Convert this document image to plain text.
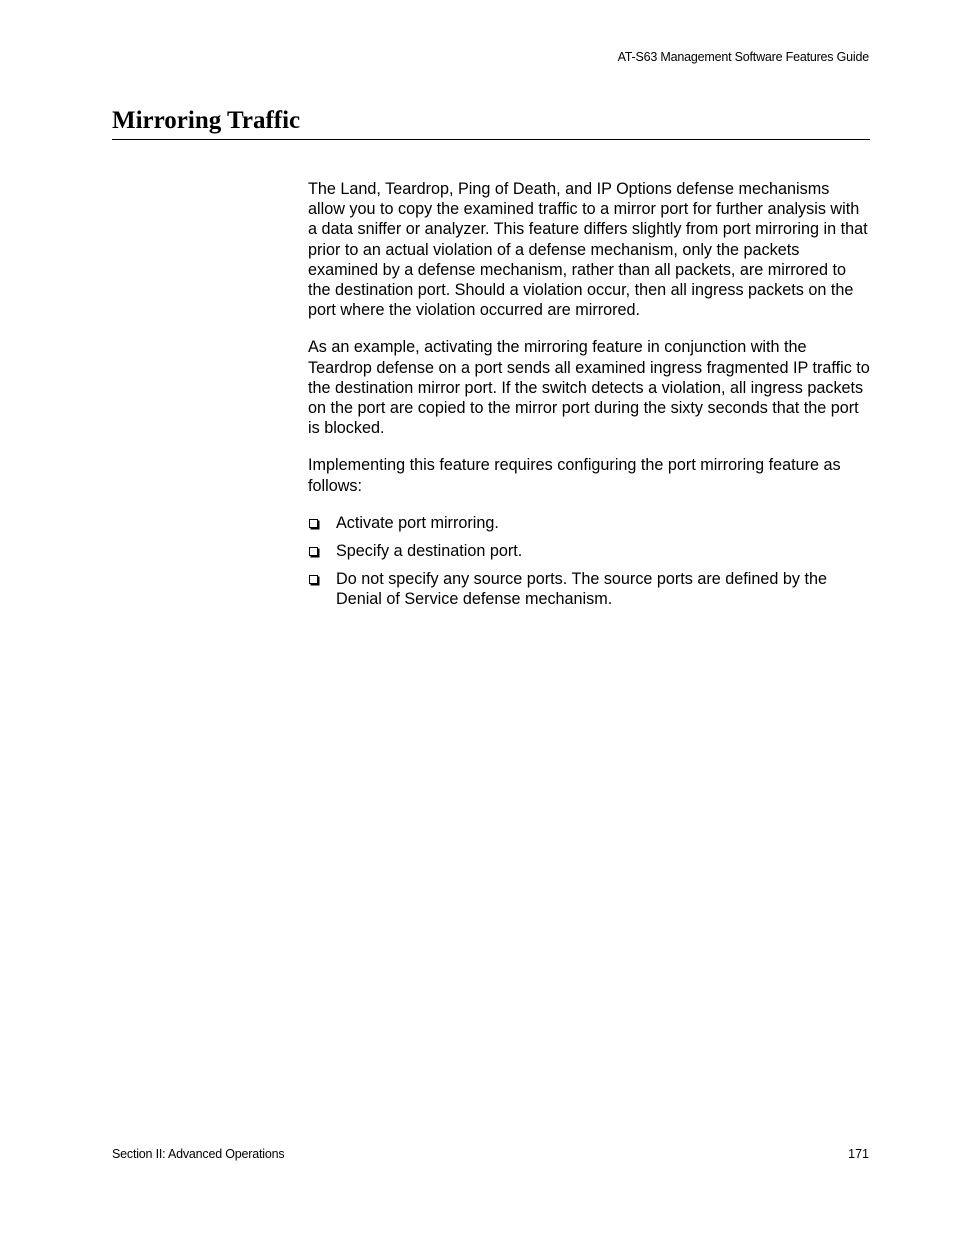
AT-S63 Management Software Features Guide
Mirroring Traffic

The Land, Teardrop, Ping of Death, and IP Options defense mechanisms allow you to copy the examined traffic to a mirror port for further analysis with a data sniffer or analyzer. This feature differs slightly from port mirroring in that prior to an actual violation of a defense mechanism, only the packets examined by a defense mechanism, rather than all packets, are mirrored to the destination port. Should a violation occur, then all ingress packets on the port where the violation occurred are mirrored.

As an example, activating the mirroring feature in conjunction with the Teardrop defense on a port sends all examined ingress fragmented IP traffic to the destination mirror port. If the switch detects a violation, all ingress packets on the port are copied to the mirror port during the sixty seconds that the port is blocked.

Implementing this feature requires configuring the port mirroring feature as follows:

Activate port mirroring.
Specify a destination port.
Do not specify any source ports. The source ports are defined by the Denial of Service defense mechanism.
Section II: Advanced Operations	171
